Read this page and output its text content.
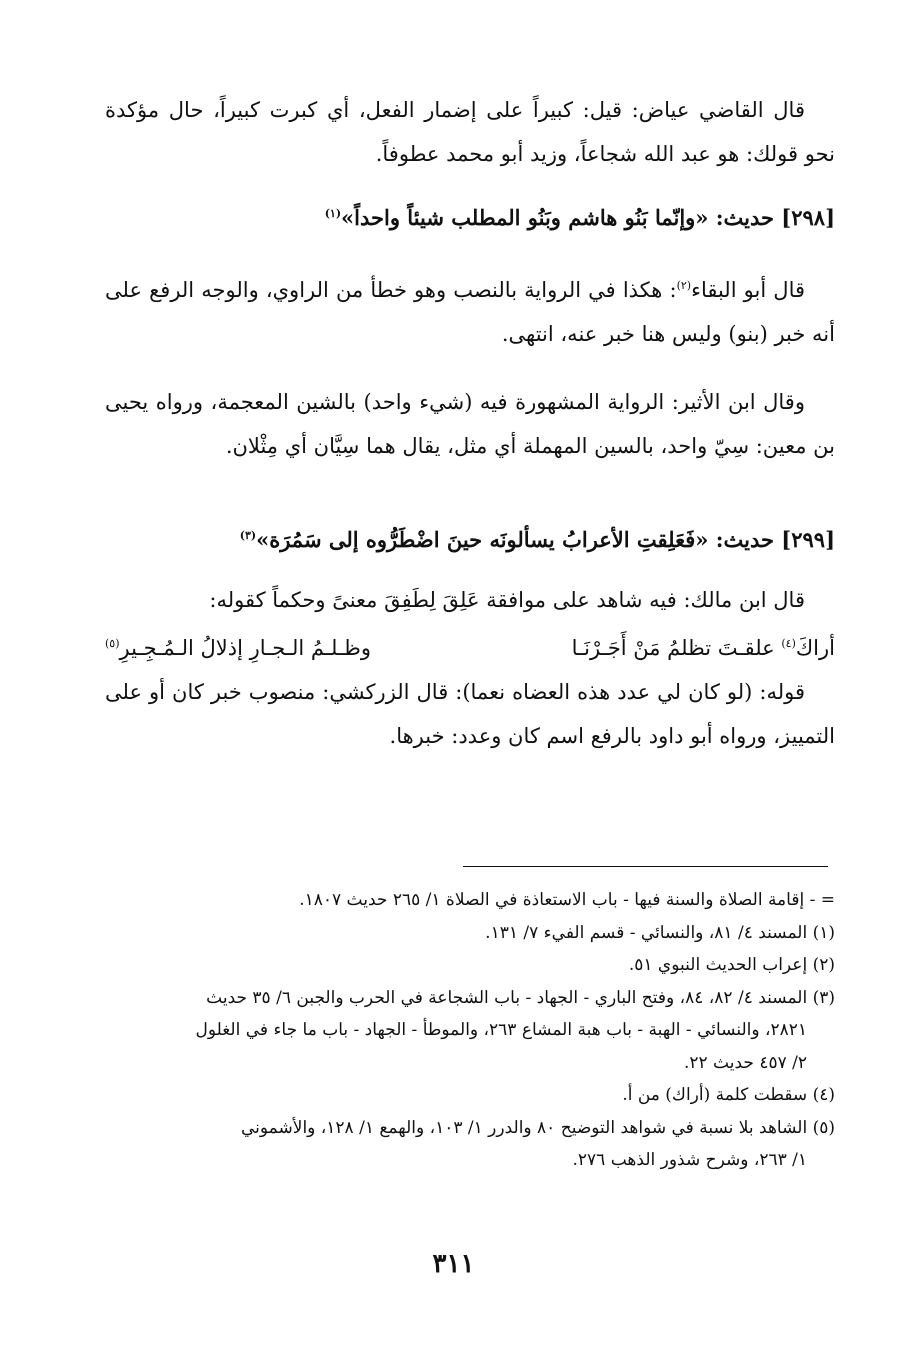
قال القاضي عياض: قيل: كبيراً على إضمار الفعل، أي كبرت كبيراً، حال مؤكدة نحو قولك: هو عبد الله شجاعاً، وزيد أبو محمد عطوفاً.

[٢٩٨] حديث: «وإنّما بَنُو هاشم وبَنُو المطلب شيئاً واحداً»$^{(١)}$

قال أبو البقاء$^{(٢)}$: هكذا في الرواية بالنصب وهو خطأ من الراوي، والوجه الرفع على أنه خبر (بنو) وليس هنا خبر عنه، انتهى.

وقال ابن الأثير: الرواية المشهورة فيه (شيء واحد) بالشين المعجمة، ورواه يحيى بن معين: سِيّ واحد، بالسين المهملة أي مثل، يقال هما سِيَّان أي مِثْلان.

[٢٩٩] حديث: «فَعَلِقتِ الأعرابُ يسألونَه حينَ اضْطَرُّوه إلى سَمُرَة»$^{(٣)}$

قال ابن مالك: فيه شاهد على موافقة عَلِقَ لِطَفِقَ معنىً وحكماً كقوله:

أراكَ$^{(٤)}$ علقـتَ تظلمُ مَنْ أَجَـرْنَـا
وظـلـمُ الـجـارِ إذلالُ الـمُـجِـيرِ$^{(٥)}$

قوله: (لو كان لي عدد هذه العضاه نعما): قال الزركشي: منصوب خبر كان أو على التمييز، ورواه أبو داود بالرفع اسم كان وعدد: خبرها.

= - إقامة الصلاة والسنة فيها - باب الاستعاذة في الصلاة ١/ ٢٦٥ حديث ١٨٠٧.

(١) المسند ٤/ ٨١، والنسائي - قسم الفيء ٧/ ١٣١.

(٢) إعراب الحديث النبوي ٥١.

(٣) المسند ٤/ ٨٢، ٨٤، وفتح الباري - الجهاد - باب الشجاعة في الحرب والجبن ٦/ ٣٥ حديث
٢٨٢١، والنسائي - الهبة - باب هبة المشاع ٢٦٣، والموطأ - الجهاد - باب ما جاء في الغلول
٢/ ٤٥٧ حديث ٢٢.

(٤) سقطت كلمة (أراك) من أ.

(٥) الشاهد بلا نسبة في شواهد التوضيح ٨٠ والدرر ١/ ١٠٣، والهمع ١/ ١٢٨، والأشموني
١/ ٢٦٣، وشرح شذور الذهب ٢٧٦.

٣١١
